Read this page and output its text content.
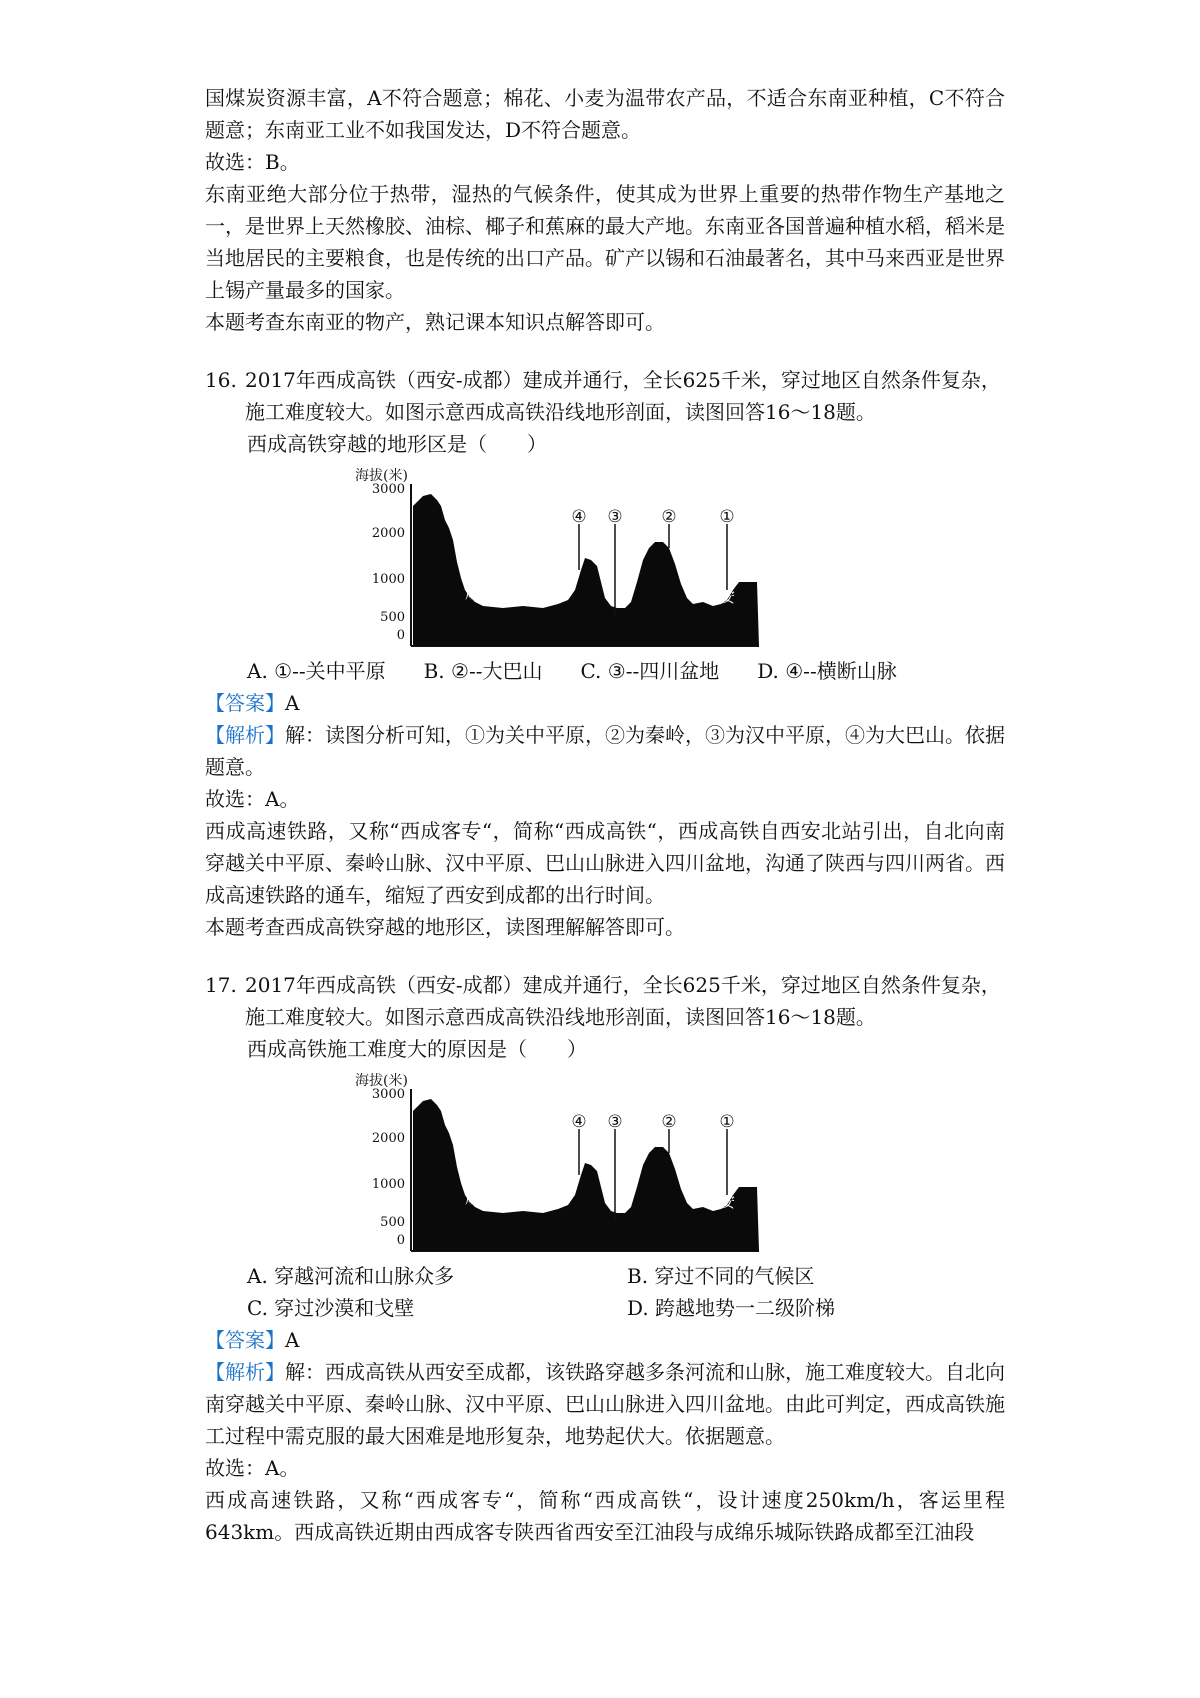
国煤炭资源丰富，A不符合题意；棉花、小麦为温带农产品，不适合东南亚种植，C不符合题意；东南亚工业不如我国发达，D不符合题意。

故选：B。

东南亚绝大部分位于热带，湿热的气候条件，使其成为世界上重要的热带作物生产基地之一，是世界上天然橡胶、油棕、椰子和蕉麻的最大产地。东南亚各国普遍种植水稻，稻米是当地居民的主要粮食，也是传统的出口产品。矿产以锡和石油最著名，其中马来西亚是世界上锡产量最多的国家。

本题考查东南亚的物产，熟记课本知识点解答即可。

16. 2017年西成高铁（西安-成都）建成并通行，全长625千米，穿过地区自然条件复杂，施工难度较大。如图示意西成高铁沿线地形剖面，读图回答16～18题。
西成高铁穿越的地形区是（　　）
海拔(米)
3000
2000
1000
500
0
成都	西安
④ ③ ②	①
A. ①--关中平原 B. ②--大巴山 C. ③--四川盆地 D. ④--横断山脉

【答案】A

【解析】解：读图分析可知，①为关中平原，②为秦岭，③为汉中平原，④为大巴山。依据题意。

故选：A。

西成高速铁路，又称“西成客专“，简称“西成高铁“，西成高铁自西安北站引出，自北向南穿越关中平原、秦岭山脉、汉中平原、巴山山脉进入四川盆地，沟通了陕西与四川两省。西成高速铁路的通车，缩短了西安到成都的出行时间。

本题考查西成高铁穿越的地形区，读图理解解答即可。

17. 2017年西成高铁（西安-成都）建成并通行，全长625千米，穿过地区自然条件复杂，施工难度较大。如图示意西成高铁沿线地形剖面，读图回答16～18题。
西成高铁施工难度大的原因是（　　）
海拔(米)
3000
2000
1000
500
0
成都	西安
④ ③ ②	①
A. 穿越河流和山脉众多	B. 穿过不同的气候区
C. 穿过沙漠和戈壁	D. 跨越地势一二级阶梯

【答案】A

【解析】解：西成高铁从西安至成都，该铁路穿越多条河流和山脉，施工难度较大。自北向南穿越关中平原、秦岭山脉、汉中平原、巴山山脉进入四川盆地。由此可判定，西成高铁施工过程中需克服的最大困难是地形复杂，地势起伏大。依据题意。

故选：A。

西成高速铁路，又称“西成客专“，简称“西成高铁“，设计速度250km/h，客运里程643km。西成高铁近期由西成客专陕西省西安至江油段与成绵乐城际铁路成都至江油段
